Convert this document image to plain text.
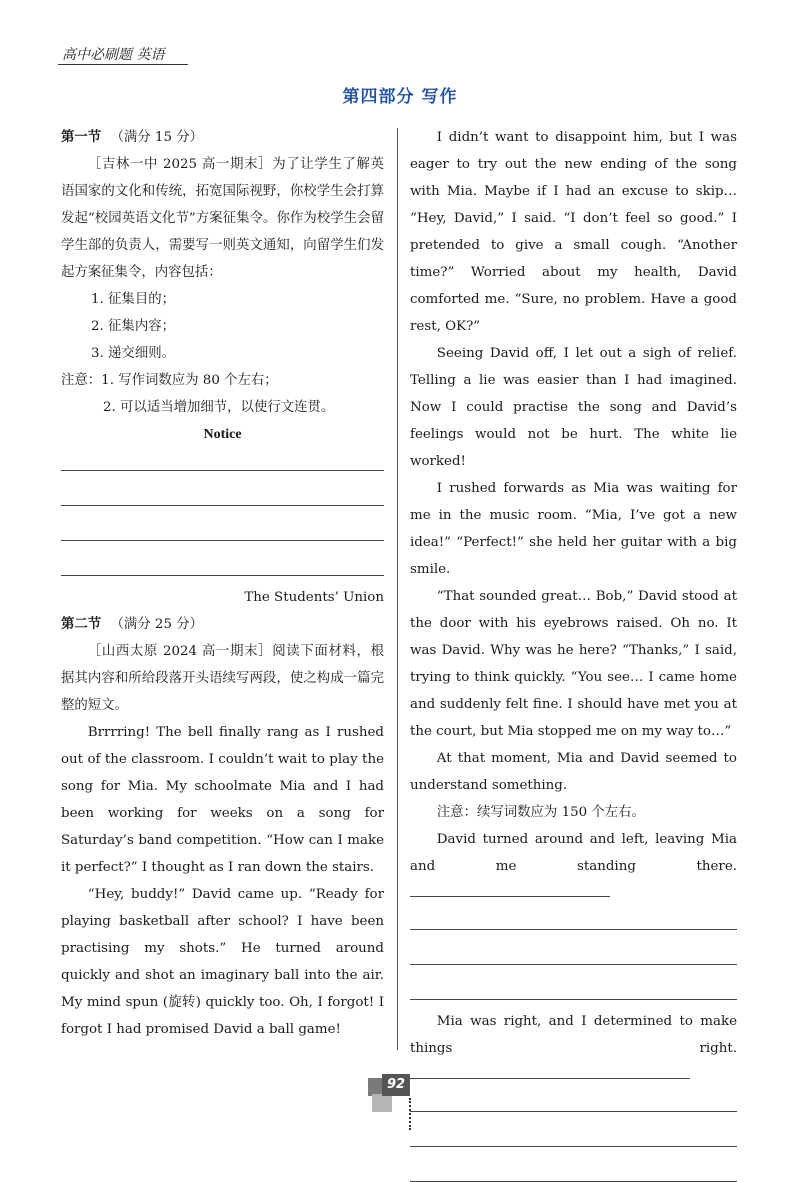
高中必刷题 英语
第四部分 写作

第一节 （满分 15 分）

［吉林一中 2025 高一期末］为了让学生了解英语国家的文化和传统，拓宽国际视野，你校学生会打算发起“校园英语文化节”方案征集令。你作为校学生会留学生部的负责人，需要写一则英文通知，向留学生们发起方案征集令，内容包括：

1. 征集目的；

2. 征集内容；

3. 递交细则。

注意：1. 写作词数应为 80 个左右；

2. 可以适当增加细节，以使行文连贯。

Notice

The Students’ Union

第二节 （满分 25 分）

［山西太原 2024 高一期末］阅读下面材料，根据其内容和所给段落开头语续写两段，使之构成一篇完整的短文。

Brrrring! The bell finally rang as I rushed out of the classroom. I couldn’t wait to play the song for Mia. My schoolmate Mia and I had been working for weeks on a song for Saturday’s band competition. “How can I make it perfect?” I thought as I ran down the stairs.

“Hey, buddy!” David came up. “Ready for playing basketball after school? I have been practising my shots.” He turned around quickly and shot an imaginary ball into the air. My mind spun (旋转) quickly too. Oh, I forgot! I forgot I had promised David a ball game!

I didn’t want to disappoint him, but I was eager to try out the new ending of the song with Mia. Maybe if I had an excuse to skip… “Hey, David,” I said. “I don’t feel so good.” I pretended to give a small cough. “Another time?” Worried about my health, David comforted me. “Sure, no problem. Have a good rest, OK?”

Seeing David off, I let out a sigh of relief. Telling a lie was easier than I had imagined. Now I could practise the song and David’s feelings would not be hurt. The white lie worked!

I rushed forwards as Mia was waiting for me in the music room. “Mia, I’ve got a new idea!” “Perfect!” she held her guitar with a big smile.

“That sounded great… Bob,” David stood at the door with his eyebrows raised. Oh no. It was David. Why was he here? “Thanks,” I said, trying to think quickly. “You see… I came home and suddenly felt fine. I should have met you at the court, but Mia stopped me on my way to…”

At that moment, Mia and David seemed to understand something.

注意：续写词数应为 150 个左右。

David turned around and left, leaving Mia and me standing there.

Mia was right, and I determined to make things right.

92
